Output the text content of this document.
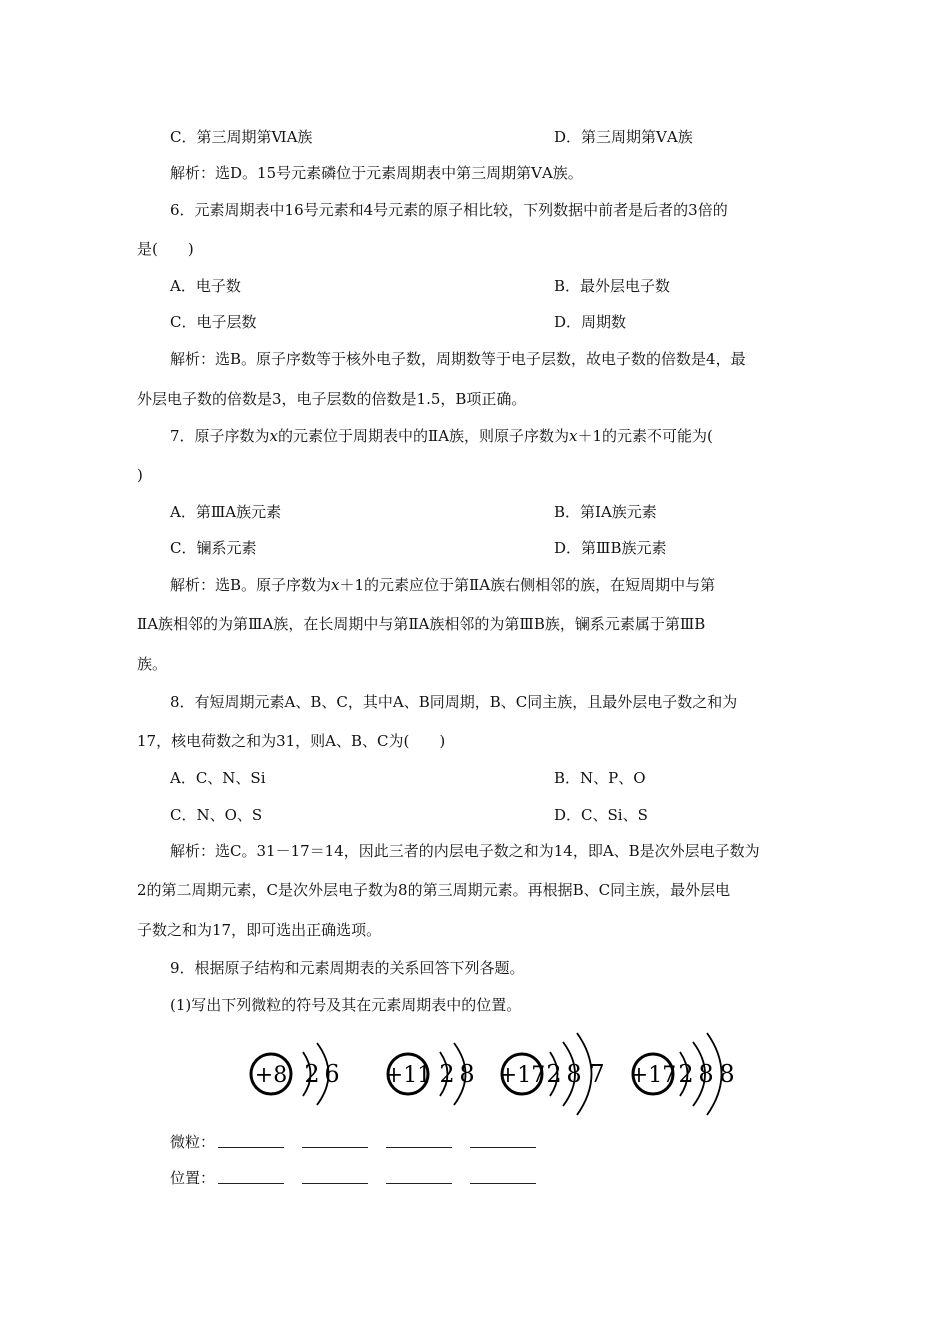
C．第三周期第ⅥA族	D．第三周期第ⅤA族
解析：选D。15号元素磷位于元素周期表中第三周期第ⅤA族。
6．元素周期表中16号元素和4号元素的原子相比较，下列数据中前者是后者的3倍的
是(　　)
A．电子数	B．最外层电子数
C．电子层数	D．周期数
解析：选B。原子序数等于核外电子数，周期数等于电子层数，故电子数的倍数是4，最
外层电子数的倍数是3，电子层数的倍数是1.5，B项正确。
7．原子序数为x的元素位于周期表中的ⅡA族，则原子序数为x＋1的元素不可能为(
)
A．第ⅢA族元素	B．第ⅠA族元素
C．镧系元素	D．第ⅢB族元素
解析：选B。原子序数为x＋1的元素应位于第ⅡA族右侧相邻的族，在短周期中与第
ⅡA族相邻的为第ⅢA族，在长周期中与第ⅡA族相邻的为第ⅢB族，镧系元素属于第ⅢB
族。
8．有短周期元素A、B、C，其中A、B同周期，B、C同主族，且最外层电子数之和为
17，核电荷数之和为31，则A、B、C为(　　)
A．C、N、Si	B．N、P、O
C．N、O、S	D．C、Si、S
解析：选C。31－17＝14，因此三者的内层电子数之和为14，即A、B是次外层电子数为
2的第二周期元素，C是次外层电子数为8的第三周期元素。再根据B、C同主族，最外层电
子数之和为17，即可选出正确选项。
9．根据原子结构和元素周期表的关系回答下列各题。
(1)写出下列微粒的符号及其在元素周期表中的位置。
+8 2 6 +11 2 8 +17 2 8 7 +17 2 8 8
微粒：
位置：
